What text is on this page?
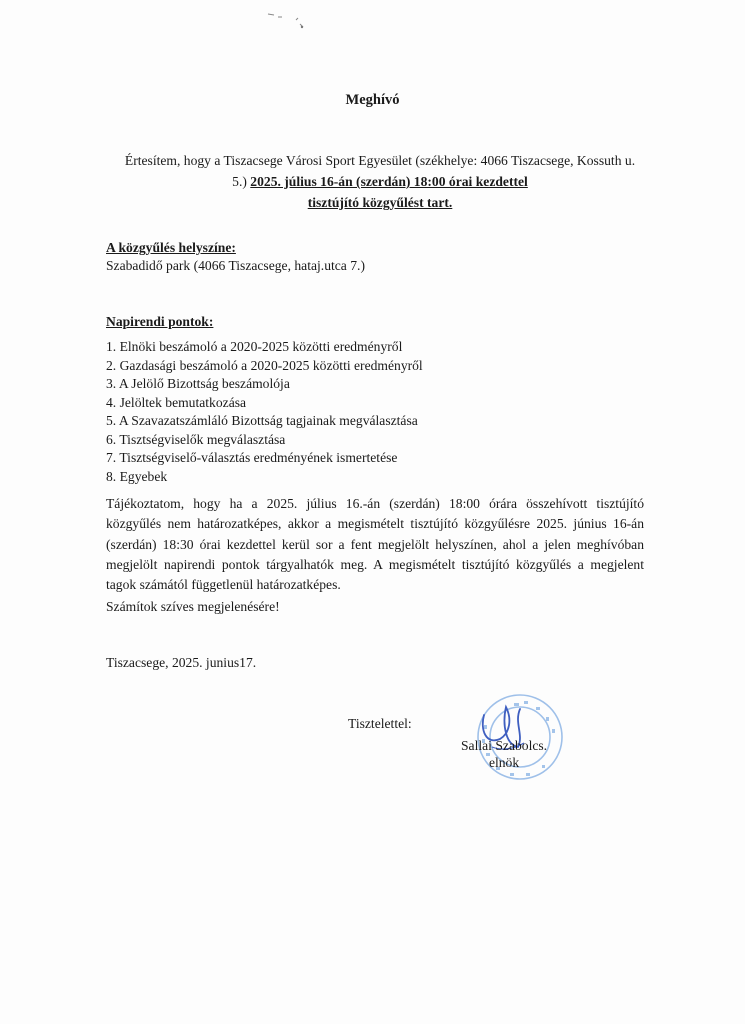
Meghívó
Értesítem, hogy a Tiszacsege Városi Sport Egyesület (székhelye: 4066 Tiszacsege, Kossuth u.
5.) 2025. július 16-án (szerdán) 18:00 órai kezdettel
tisztújító közgyűlést tart.
A közgyűlés helyszíne:
Szabadidő park (4066 Tiszacsege, hataj.utca 7.)
Napirendi pontok:
1. Elnöki beszámoló a 2020-2025 közötti eredményről
2. Gazdasági beszámoló a 2020-2025 közötti eredményről
3. A Jelölő Bizottság beszámolója
4. Jelöltek bemutatkozása
5. A Szavazatszámláló Bizottság tagjainak megválasztása
6. Tisztségviselők megválasztása
7. Tisztségviselő-választás eredményének ismertetése
8. Egyebek
Tájékoztatom, hogy ha a 2025. július 16.-án (szerdán) 18:00 órára összehívott tisztújító
közgyűlés nem határozatképes, akkor a megismételt tisztújító közgyűlésre 2025. június 16-án
(szerdán) 18:30 órai kezdettel kerül sor a fent megjelölt helyszínen, ahol a jelen meghívóban
megjelölt napirendi pontok tárgyalhatók meg. A megismételt tisztújító közgyűlés a megjelent
tagok számától függetlenül határozatképes.
Számítok szíves megjelenésére!
Tiszacsege, 2025. junius17.
Tisztelettel:
Sallai Szabolcs.
elnök
